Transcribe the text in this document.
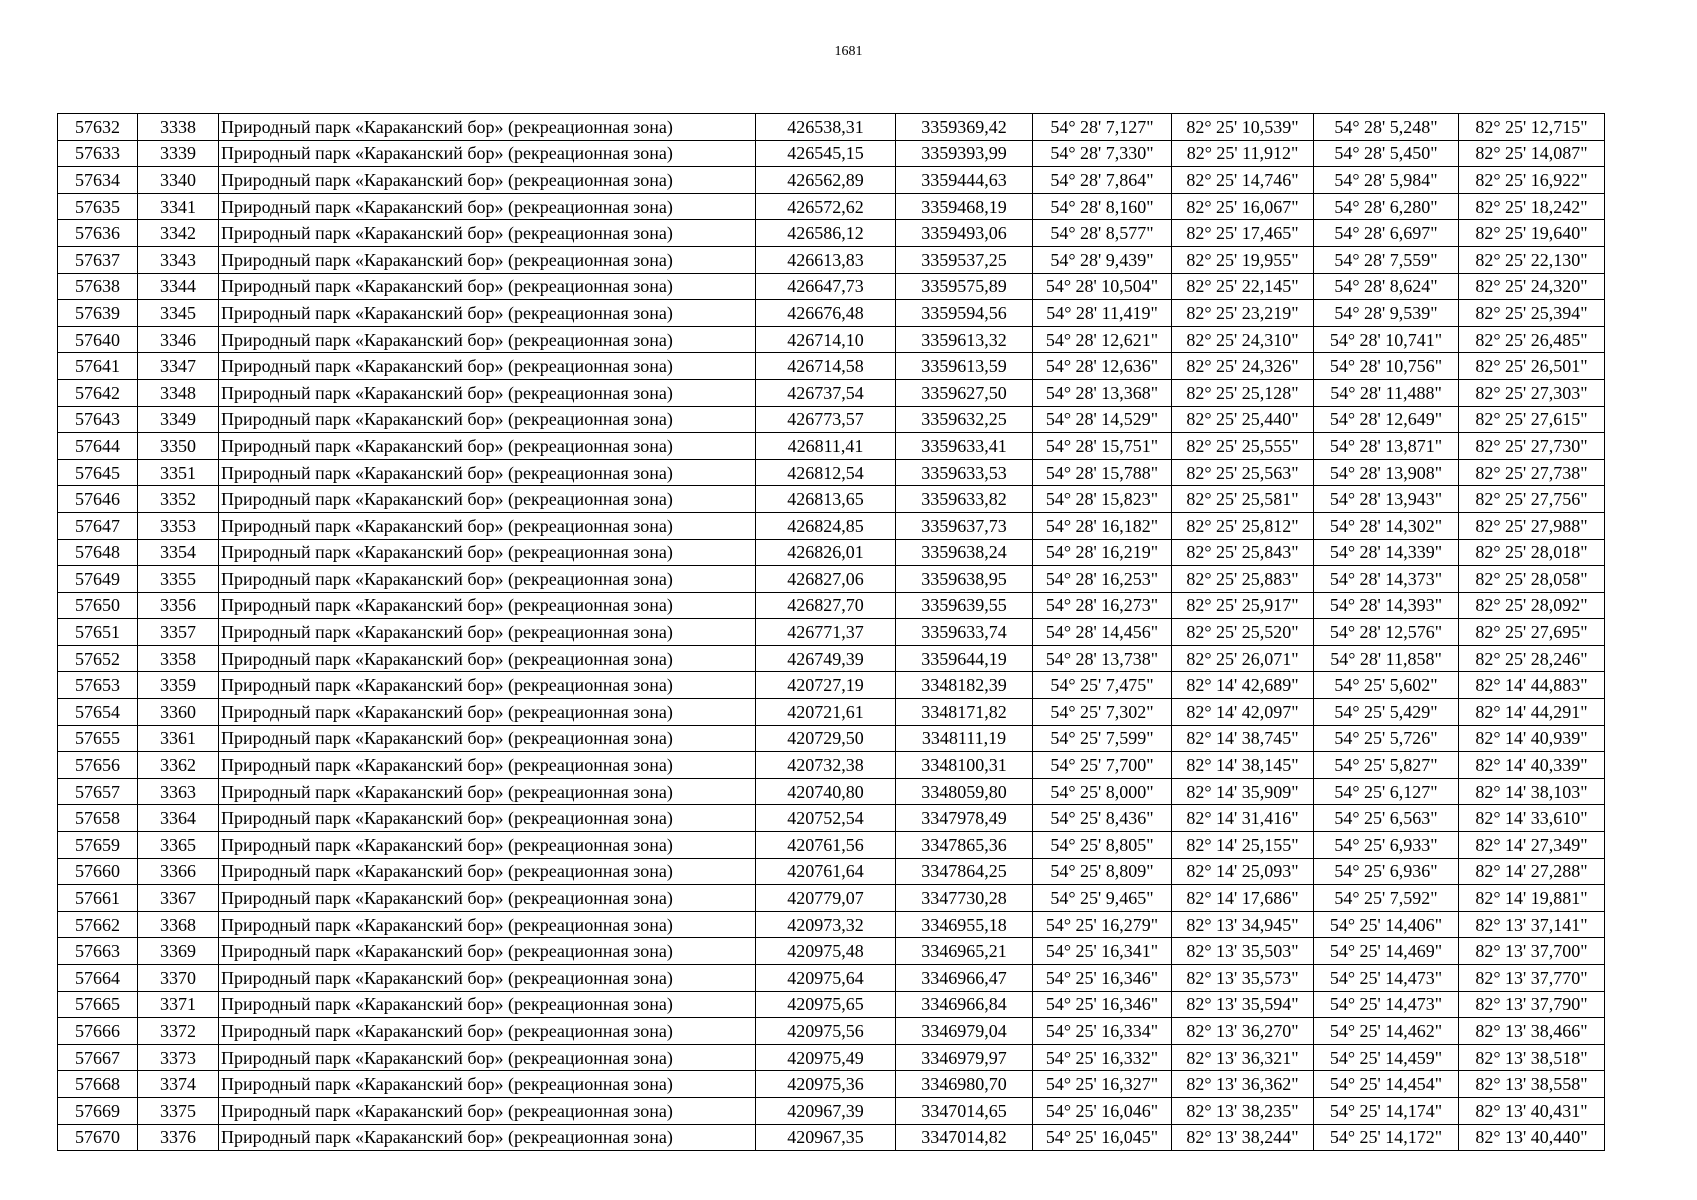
1681
57632	3338	Природный парк «Караканский бор» (рекреационная зона)	426538,31	3359369,42	54° 28' 7,127"	82° 25' 10,539"	54° 28' 5,248"	82° 25' 12,715"
57633	3339	Природный парк «Караканский бор» (рекреационная зона)	426545,15	3359393,99	54° 28' 7,330"	82° 25' 11,912"	54° 28' 5,450"	82° 25' 14,087"
57634	3340	Природный парк «Караканский бор» (рекреационная зона)	426562,89	3359444,63	54° 28' 7,864"	82° 25' 14,746"	54° 28' 5,984"	82° 25' 16,922"
57635	3341	Природный парк «Караканский бор» (рекреационная зона)	426572,62	3359468,19	54° 28' 8,160"	82° 25' 16,067"	54° 28' 6,280"	82° 25' 18,242"
57636	3342	Природный парк «Караканский бор» (рекреационная зона)	426586,12	3359493,06	54° 28' 8,577"	82° 25' 17,465"	54° 28' 6,697"	82° 25' 19,640"
57637	3343	Природный парк «Караканский бор» (рекреационная зона)	426613,83	3359537,25	54° 28' 9,439"	82° 25' 19,955"	54° 28' 7,559"	82° 25' 22,130"
57638	3344	Природный парк «Караканский бор» (рекреационная зона)	426647,73	3359575,89	54° 28' 10,504"	82° 25' 22,145"	54° 28' 8,624"	82° 25' 24,320"
57639	3345	Природный парк «Караканский бор» (рекреационная зона)	426676,48	3359594,56	54° 28' 11,419"	82° 25' 23,219"	54° 28' 9,539"	82° 25' 25,394"
57640	3346	Природный парк «Караканский бор» (рекреационная зона)	426714,10	3359613,32	54° 28' 12,621"	82° 25' 24,310"	54° 28' 10,741"	82° 25' 26,485"
57641	3347	Природный парк «Караканский бор» (рекреационная зона)	426714,58	3359613,59	54° 28' 12,636"	82° 25' 24,326"	54° 28' 10,756"	82° 25' 26,501"
57642	3348	Природный парк «Караканский бор» (рекреационная зона)	426737,54	3359627,50	54° 28' 13,368"	82° 25' 25,128"	54° 28' 11,488"	82° 25' 27,303"
57643	3349	Природный парк «Караканский бор» (рекреационная зона)	426773,57	3359632,25	54° 28' 14,529"	82° 25' 25,440"	54° 28' 12,649"	82° 25' 27,615"
57644	3350	Природный парк «Караканский бор» (рекреационная зона)	426811,41	3359633,41	54° 28' 15,751"	82° 25' 25,555"	54° 28' 13,871"	82° 25' 27,730"
57645	3351	Природный парк «Караканский бор» (рекреационная зона)	426812,54	3359633,53	54° 28' 15,788"	82° 25' 25,563"	54° 28' 13,908"	82° 25' 27,738"
57646	3352	Природный парк «Караканский бор» (рекреационная зона)	426813,65	3359633,82	54° 28' 15,823"	82° 25' 25,581"	54° 28' 13,943"	82° 25' 27,756"
57647	3353	Природный парк «Караканский бор» (рекреационная зона)	426824,85	3359637,73	54° 28' 16,182"	82° 25' 25,812"	54° 28' 14,302"	82° 25' 27,988"
57648	3354	Природный парк «Караканский бор» (рекреационная зона)	426826,01	3359638,24	54° 28' 16,219"	82° 25' 25,843"	54° 28' 14,339"	82° 25' 28,018"
57649	3355	Природный парк «Караканский бор» (рекреационная зона)	426827,06	3359638,95	54° 28' 16,253"	82° 25' 25,883"	54° 28' 14,373"	82° 25' 28,058"
57650	3356	Природный парк «Караканский бор» (рекреационная зона)	426827,70	3359639,55	54° 28' 16,273"	82° 25' 25,917"	54° 28' 14,393"	82° 25' 28,092"
57651	3357	Природный парк «Караканский бор» (рекреационная зона)	426771,37	3359633,74	54° 28' 14,456"	82° 25' 25,520"	54° 28' 12,576"	82° 25' 27,695"
57652	3358	Природный парк «Караканский бор» (рекреационная зона)	426749,39	3359644,19	54° 28' 13,738"	82° 25' 26,071"	54° 28' 11,858"	82° 25' 28,246"
57653	3359	Природный парк «Караканский бор» (рекреационная зона)	420727,19	3348182,39	54° 25' 7,475"	82° 14' 42,689"	54° 25' 5,602"	82° 14' 44,883"
57654	3360	Природный парк «Караканский бор» (рекреационная зона)	420721,61	3348171,82	54° 25' 7,302"	82° 14' 42,097"	54° 25' 5,429"	82° 14' 44,291"
57655	3361	Природный парк «Караканский бор» (рекреационная зона)	420729,50	3348111,19	54° 25' 7,599"	82° 14' 38,745"	54° 25' 5,726"	82° 14' 40,939"
57656	3362	Природный парк «Караканский бор» (рекреационная зона)	420732,38	3348100,31	54° 25' 7,700"	82° 14' 38,145"	54° 25' 5,827"	82° 14' 40,339"
57657	3363	Природный парк «Караканский бор» (рекреационная зона)	420740,80	3348059,80	54° 25' 8,000"	82° 14' 35,909"	54° 25' 6,127"	82° 14' 38,103"
57658	3364	Природный парк «Караканский бор» (рекреационная зона)	420752,54	3347978,49	54° 25' 8,436"	82° 14' 31,416"	54° 25' 6,563"	82° 14' 33,610"
57659	3365	Природный парк «Караканский бор» (рекреационная зона)	420761,56	3347865,36	54° 25' 8,805"	82° 14' 25,155"	54° 25' 6,933"	82° 14' 27,349"
57660	3366	Природный парк «Караканский бор» (рекреационная зона)	420761,64	3347864,25	54° 25' 8,809"	82° 14' 25,093"	54° 25' 6,936"	82° 14' 27,288"
57661	3367	Природный парк «Караканский бор» (рекреационная зона)	420779,07	3347730,28	54° 25' 9,465"	82° 14' 17,686"	54° 25' 7,592"	82° 14' 19,881"
57662	3368	Природный парк «Караканский бор» (рекреационная зона)	420973,32	3346955,18	54° 25' 16,279"	82° 13' 34,945"	54° 25' 14,406"	82° 13' 37,141"
57663	3369	Природный парк «Караканский бор» (рекреационная зона)	420975,48	3346965,21	54° 25' 16,341"	82° 13' 35,503"	54° 25' 14,469"	82° 13' 37,700"
57664	3370	Природный парк «Караканский бор» (рекреационная зона)	420975,64	3346966,47	54° 25' 16,346"	82° 13' 35,573"	54° 25' 14,473"	82° 13' 37,770"
57665	3371	Природный парк «Караканский бор» (рекреационная зона)	420975,65	3346966,84	54° 25' 16,346"	82° 13' 35,594"	54° 25' 14,473"	82° 13' 37,790"
57666	3372	Природный парк «Караканский бор» (рекреационная зона)	420975,56	3346979,04	54° 25' 16,334"	82° 13' 36,270"	54° 25' 14,462"	82° 13' 38,466"
57667	3373	Природный парк «Караканский бор» (рекреационная зона)	420975,49	3346979,97	54° 25' 16,332"	82° 13' 36,321"	54° 25' 14,459"	82° 13' 38,518"
57668	3374	Природный парк «Караканский бор» (рекреационная зона)	420975,36	3346980,70	54° 25' 16,327"	82° 13' 36,362"	54° 25' 14,454"	82° 13' 38,558"
57669	3375	Природный парк «Караканский бор» (рекреационная зона)	420967,39	3347014,65	54° 25' 16,046"	82° 13' 38,235"	54° 25' 14,174"	82° 13' 40,431"
57670	3376	Природный парк «Караканский бор» (рекреационная зона)	420967,35	3347014,82	54° 25' 16,045"	82° 13' 38,244"	54° 25' 14,172"	82° 13' 40,440"
